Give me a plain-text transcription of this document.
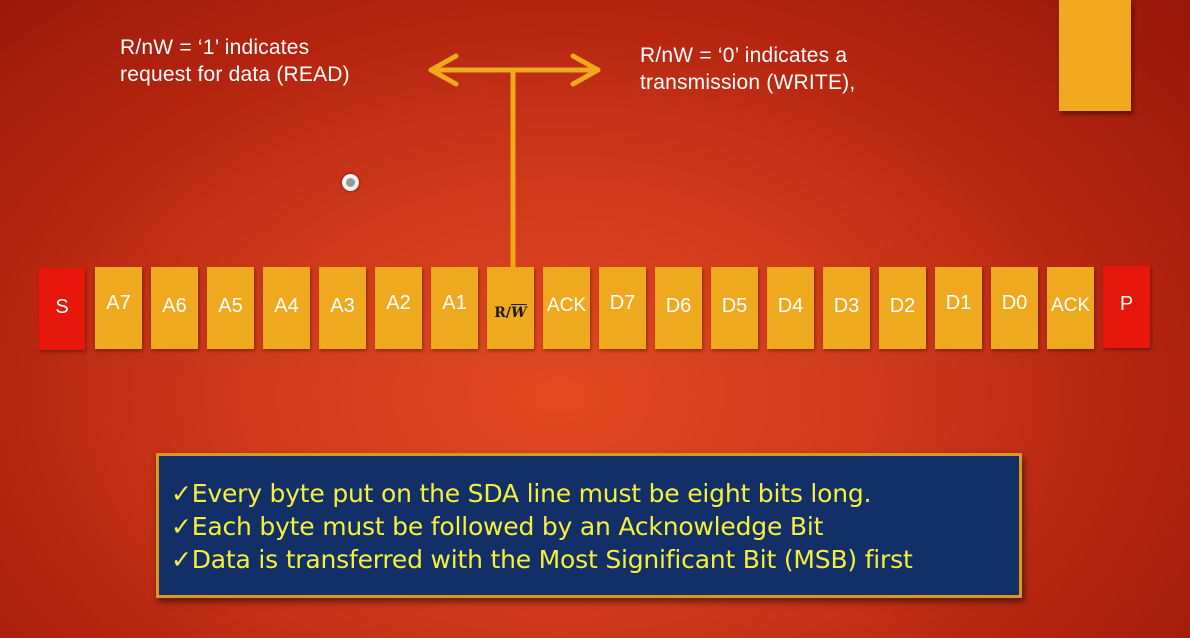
R/nW = ‘1’ indicates
request for data (READ)
R/nW = ‘0’ indicates a
transmission (WRITE),
S A7 A6 A5 A4 A3 A2 A1 $R/\overline{W}$ ACK D7 D6 D5 D4 D3 D2 D1 D0 ACK P
✓Every byte put on the SDA line must be eight bits long.
✓Each byte must be followed by an Acknowledge Bit
✓Data is transferred with the Most Significant Bit (MSB) first
